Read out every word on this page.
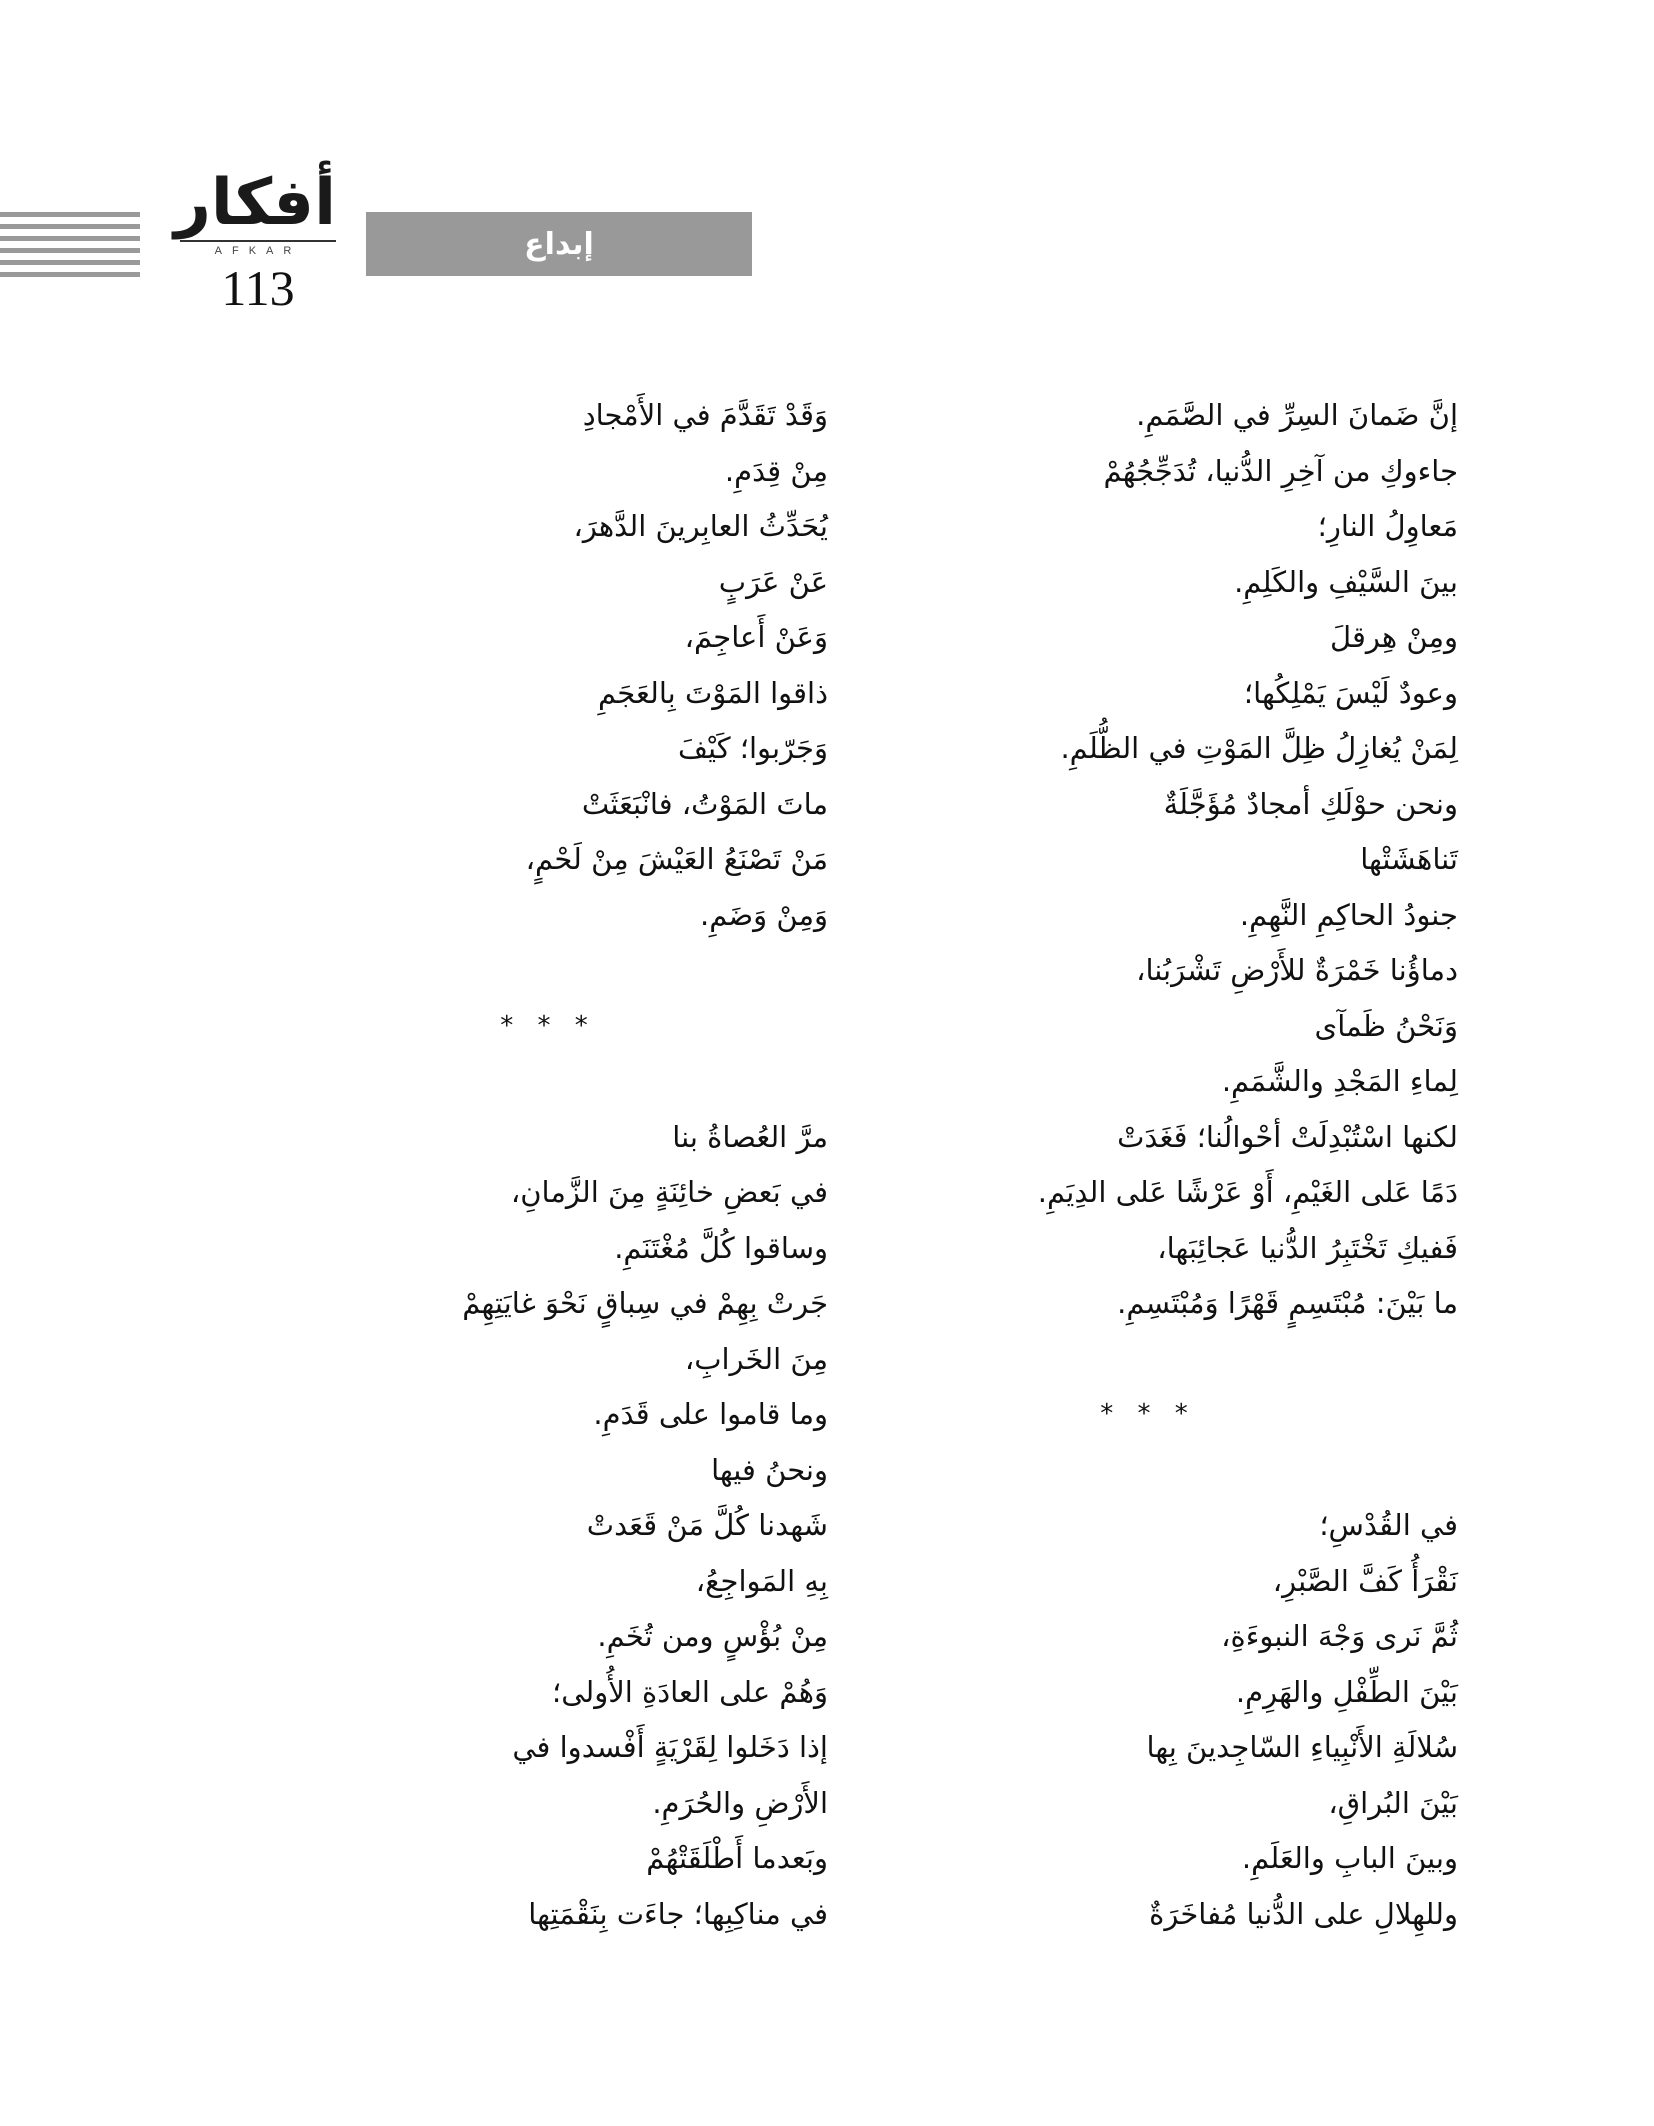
أفكار
AFKAR
113
إبداع
إنَّ ضَمانَ السِرِّ في الصَّمَمِ.
جاءوكِ من آخِرِ الدُّنيا، تُدَجِّجُهُمْ
مَعاوِلُ النارِ؛
بينَ السَّيْفِ والكَلِمِ.
ومِنْ هِرقلَ
وعودٌ لَيْسَ يَمْلِكُها؛
لِمَنْ يُغازِلُ ظِلَّ المَوْتِ في الظُّلَمِ.
ونحن حوْلَكِ أمجادٌ مُؤَجَّلَةٌ
تَناهَشَتْها
جنودُ الحاكِمِ النَّهِمِ.
دماؤُنا خَمْرَةٌ للأَرْضِ تَشْرَبُنا،
وَنَحْنُ ظَمآى
لِماءِ المَجْدِ والشَّمَمِ.
لكنها اسْتُبْدِلَتْ أحْوالُنا؛ فَغَدَتْ
دَمًا عَلى الغَيْمِ، أَوْ عَرْشًا عَلى الدِيَمِ.
فَفيكِ تَخْتَبِرُ الدُّنيا عَجائِبَها،
ما بَيْنَ: مُبْتَسِمٍ قَهْرًا وَمُبْتَسِمِ.
* * *
في القُدْسِ؛
نَقْرَأُ كَفَّ الصَّبْرِ،
ثُمَّ نَرى وَجْهَ النبوءَةِ،
بَيْنَ الطِّفْلِ والهَرِمِ.
سُلالَةِ الأَنْبِياءِ السّاجِدينَ بِها
بَيْنَ البُراقِ،
وبينَ البابِ والعَلَمِ.
وللهِلالِ على الدُّنيا مُفاخَرَةٌ
وَقَدْ تَقَدَّمَ في الأَمْجادِ
مِنْ قِدَمِ.
يُحَدِّثُ العابِرينَ الدَّهرَ،
عَنْ عَرَبٍ
وَعَنْ أَعاجِمَ،
ذاقوا المَوْتَ بِالعَجَمِ
وَجَرّبوا؛ كَيْفَ
ماتَ المَوْتُ، فانْبَعَثَتْ
مَنْ تَصْنَعُ العَيْشَ مِنْ لَحْمٍ،
وَمِنْ وَضَمِ.
* * *
مرَّ العُصاةُ بنا
في بَعضِ خائِنَةٍ مِنَ الزَّمانِ،
وساقوا كُلَّ مُغْتَنَمِ.
جَرتْ بِهِمْ في سِباقٍ نَحْوَ غايَتِهِمْ
مِنَ الخَرابِ،
وما قاموا على قَدَمِ.
ونحنُ فيها
شَهدنا كُلَّ مَنْ قَعَدتْ
بِهِ المَواجِعُ،
مِنْ بُؤْسٍ ومن تُخَمِ.
وَهُمْ على العادَةِ الأُولى؛
إذا دَخَلوا لِقَرْيَةٍ أَفْسدوا في
الأَرْضِ والحُرَمِ.
وبَعدما أَطْلَقَتْهُمْ
في مناكِبِها؛ جاءَت بِنَقْمَتِها
